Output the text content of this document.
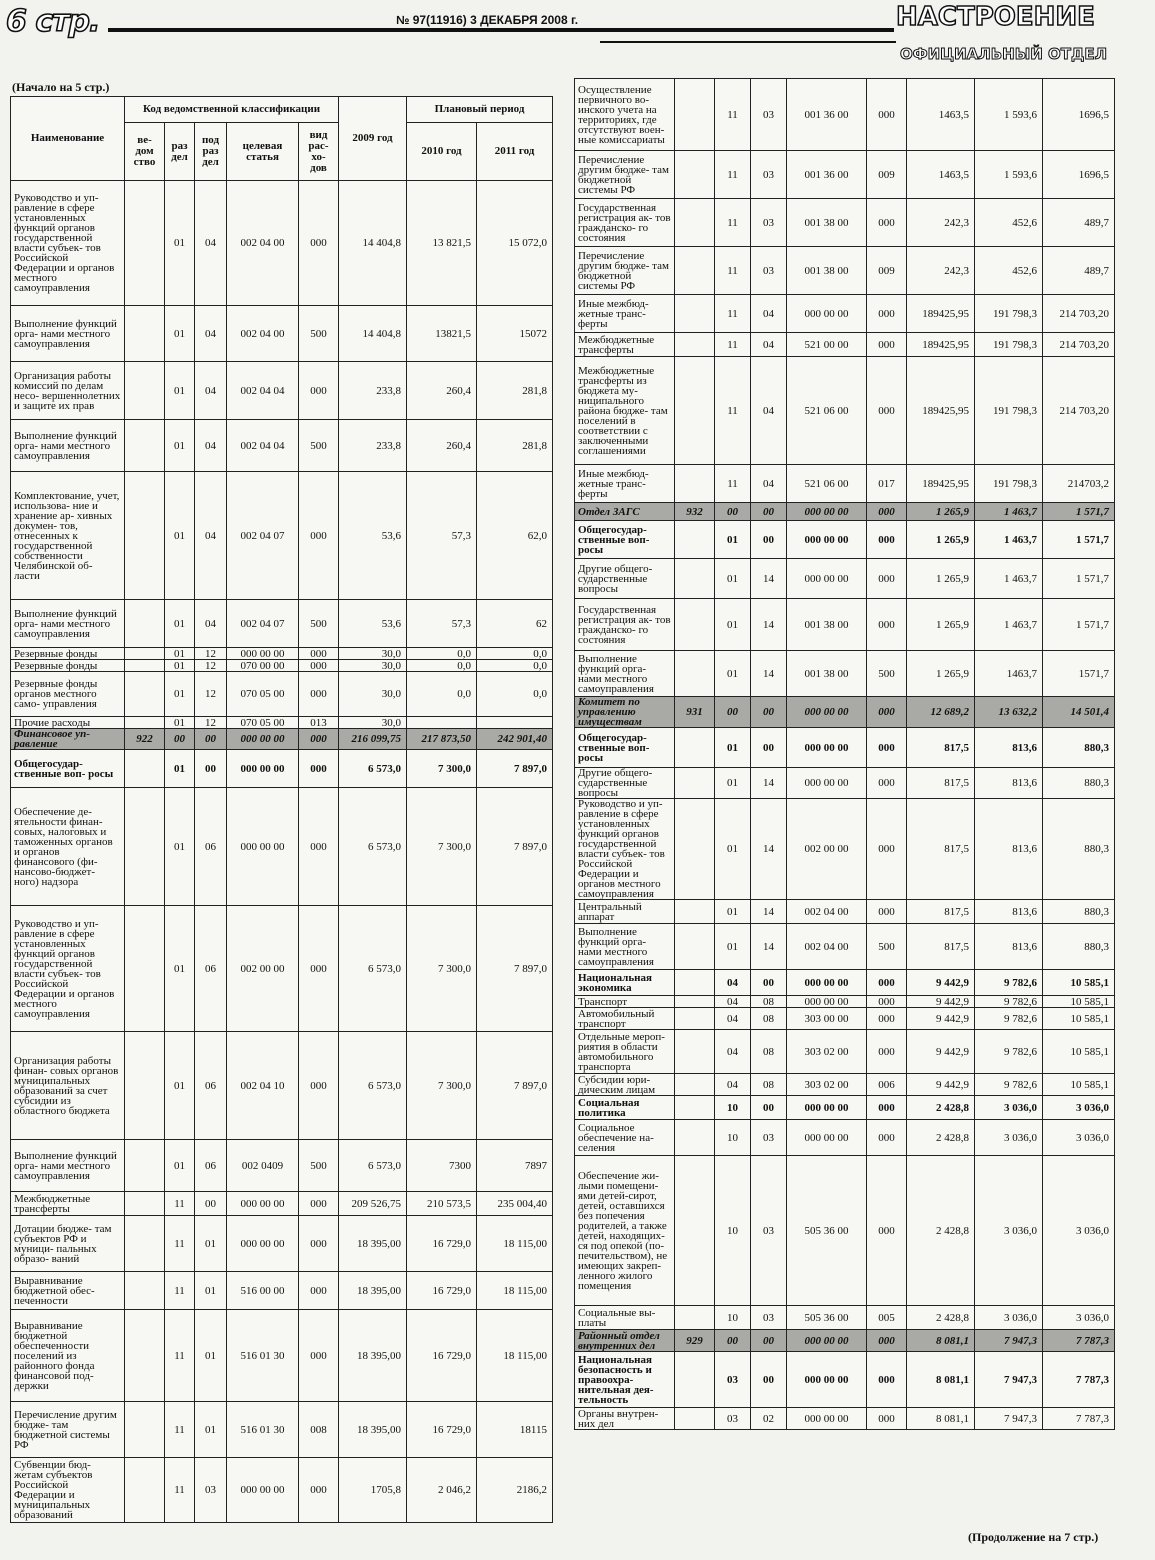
6 стр.	№ 97(11916) 3 ДЕКАБРЯ 2008 г.	НАСТРОЕНИЕ
ОФИЦИАЛЬНЫЙ ОТДЕЛ
(Начало на 5 стр.)
Наименование	Код ведомственной классификации					2009 год	Плановый период	
	ве- дом ство	раз дел	под раз дел	целевая статья	вид рас- хо- дов		2010 год	2011 год
Руководство и уп- равление в сфере установленных функций органов государственной власти субъек- тов Российской Федерации и органов местного самоуправления		01	04	002 04 00	000	14 404,8	13 821,5	15 072,0
Выполнение функций орга- нами местного самоуправления		01	04	002 04 00	500	14 404,8	13821,5	15072
Организация работы комиссий по делам несо- вершеннолетних и защите их прав		01	04	002 04 04	000	233,8	260,4	281,8
Выполнение функций орга- нами местного самоуправления		01	04	002 04 04	500	233,8	260,4	281,8
Комплектование, учет, использова- ние и хранение ар- хивных докумен- тов, отнесенных к государственной собственности Челябинской об- ласти		01	04	002 04 07	000	53,6	57,3	62,0
Выполнение функций орга- нами местного самоуправления		01	04	002 04 07	500	53,6	57,3	62
Резервные фонды		01	12	000 00 00	000	30,0	0,0	0,0
Резервные фонды		01	12	070 00 00	000	30,0	0,0	0,0
Резервные фонды органов местного само- управления		01	12	070 05 00	000	30,0	0,0	0,0
Прочие расходы		01	12	070 05 00	013	30,0		
Финансовое уп- равление	922	00	00	000 00 00	000	216 099,75	217 873,50	242 901,40
Общегосудар- ственные воп- росы		01	00	000 00 00	000	6 573,0	7 300,0	7 897,0
Обеспечение де- ятельности финан- совых, налоговых и таможенных органов и органов финансового (фи- нансово-бюджет- ного) надзора		01	06	000 00 00	000	6 573,0	7 300,0	7 897,0
Руководство и уп- равление в сфере установленных функций органов государственной власти субъек- тов Российской Федерации и органов местного самоуправления		01	06	002 00 00	000	6 573,0	7 300,0	7 897,0
Организация работы финан- совых органов муниципальных образований за счет субсидии из областного бюджета		01	06	002 04 10	000	6 573,0	7 300,0	7 897,0
Выполнение функций орга- нами местного самоуправления		01	06	002 0409	500	6 573,0	7300	7897
Межбюджетные трансферты		11	00	000 00 00	000	209 526,75	210 573,5	235 004,40
Дотации бюдже- там субъектов РФ и муници- пальных образо- ваний		11	01	000 00 00	000	18 395,00	16 729,0	18 115,00
Выравнивание бюджетной обес- печенности		11	01	516 00 00	000	18 395,00	16 729,0	18 115,00
Выравнивание бюджетной обеспеченности поселений из районного фонда финансовой под- держки		11	01	516 01 30	000	18 395,00	16 729,0	18 115,00
Перечисление другим бюдже- там бюджетной системы РФ		11	01	516 01 30	008	18 395,00	16 729,0	18115
Субвенции бюд- жетам субъектов Российской Федерации и муниципальных образований		11	03	000 00 00	000	1705,8	2 046,2	2186,2
Осуществление первичного во- инского учета на территориях, где отсутствуют воен- ные комиссариаты		11	03	001 36 00	000	1463,5	1 593,6	1696,5
Перечисление другим бюдже- там бюджетной системы РФ		11	03	001 36 00	009	1463,5	1 593,6	1696,5
Государственная регистрация ак- тов гражданско- го состояния		11	03	001 38 00	000	242,3	452,6	489,7
Перечисление другим бюдже- там бюджетной системы РФ		11	03	001 38 00	009	242,3	452,6	489,7
Иные межбюд- жетные транс- ферты		11	04	000 00 00	000	189425,95	191 798,3	214 703,20
Межбюджетные трансферты		11	04	521 00 00	000	189425,95	191 798,3	214 703,20
Межбюджетные трансферты из бюджета му- ниципального района бюдже- там поселений в соответствии с заключенными соглашениями		11	04	521 06 00	000	189425,95	191 798,3	214 703,20
Иные межбюд- жетные транс- ферты		11	04	521 06 00	017	189425,95	191 798,3	214703,2
Отдел ЗАГС	932	00	00	000 00 00	000	1 265,9	1 463,7	1 571,7
Общегосудар- ственные воп- росы		01	00	000 00 00	000	1 265,9	1 463,7	1 571,7
Другие общего- сударственные вопросы		01	14	000 00 00	000	1 265,9	1 463,7	1 571,7
Государственная регистрация ак- тов гражданско- го состояния		01	14	001 38 00	000	1 265,9	1 463,7	1 571,7
Выполнение функций орга- нами местного самоуправления		01	14	001 38 00	500	1 265,9	1463,7	1571,7
Комитет по управлению имуществам	931	00	00	000 00 00	000	12 689,2	13 632,2	14 501,4
Общегосудар- ственные воп- росы		01	00	000 00 00	000	817,5	813,6	880,3
Другие общего- сударственные вопросы		01	14	000 00 00	000	817,5	813,6	880,3
Руководство и уп- равление в сфере установленных функций органов государственной власти субъек- тов Российской Федерации и органов местного самоуправления		01	14	002 00 00	000	817,5	813,6	880,3
Центральный аппарат		01	14	002 04 00	000	817,5	813,6	880,3
Выполнение функций орга- нами местного самоуправления		01	14	002 04 00	500	817,5	813,6	880,3
Национальная экономика		04	00	000 00 00	000	9 442,9	9 782,6	10 585,1
Транспорт		04	08	000 00 00	000	9 442,9	9 782,6	10 585,1
Автомобильный транспорт		04	08	303 00 00	000	9 442,9	9 782,6	10 585,1
Отдельные мероп- риятия в области автомобильного транспорта		04	08	303 02 00	000	9 442,9	9 782,6	10 585,1
Субсидии юри- дическим лицам		04	08	303 02 00	006	9 442,9	9 782,6	10 585,1
Социальная политика		10	00	000 00 00	000	2 428,8	3 036,0	3 036,0
Социальное обеспечение на- селения		10	03	000 00 00	000	2 428,8	3 036,0	3 036,0
Обеспечение жи- лыми помещени- ями детей-сирот, детей, оставшихся без попечения родителей, а также детей, находящих- ся под опекой (по- печительством), не имеющих закреп- ленного жилого помещения		10	03	505 36 00	000	2 428,8	3 036,0	3 036,0
Социальные вы- платы		10	03	505 36 00	005	2 428,8	3 036,0	3 036,0
Районный отдел внутренних дел	929	00	00	000 00 00	000	8 081,1	7 947,3	7 787,3
Национальная безопасность и правоохра- нительная дея- тельность		03	00	000 00 00	000	8 081,1	7 947,3	7 787,3
Органы внутрен- них дел		03	02	000 00 00	000	8 081,1	7 947,3	7 787,3
(Продолжение на 7 стр.)
